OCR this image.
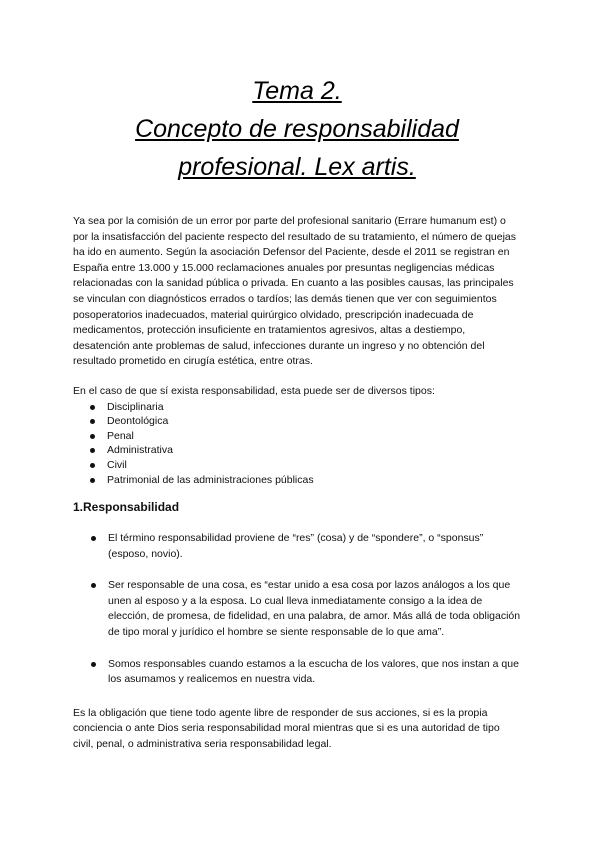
Tema 2.
Concepto de responsabilidad
profesional. Lex artis.

Ya sea por la comisión de un error por parte del profesional sanitario (Errare humanum est) o por la insatisfacción del paciente respecto del resultado de su tratamiento, el número de quejas ha ido en aumento. Según la asociación Defensor del Paciente, desde el 2011 se registran en España entre 13.000 y 15.000 reclamaciones anuales por presuntas negligencias médicas relacionadas con la sanidad pública o privada. En cuanto a las posibles causas, las principales se vinculan con diagnósticos errados o tardíos; las demás tienen que ver con seguimientos posoperatorios inadecuados, material quirúrgico olvidado, prescripción inadecuada de medicamentos, protección insuficiente en tratamientos agresivos, altas a destiempo, desatención ante problemas de salud, infecciones durante un ingreso y no obtención del resultado prometido en cirugía estética, entre otras.

En el caso de que sí exista responsabilidad, esta puede ser de diversos tipos:

Disciplinaria
Deontológica
Penal
Administrativa
Civil
Patrimonial de las administraciones públicas
1.Responsabilidad
El término responsabilidad proviene de “res” (cosa) y de “spondere”, o “sponsus” (esposo, novio).
Ser responsable de una cosa, es “estar unido a esa cosa por lazos análogos a los que unen al esposo y a la esposa. Lo cual lleva inmediatamente consigo a la idea de elección, de promesa, de fidelidad, en una palabra, de amor. Más allá de toda obligación de tipo moral y jurídico el hombre se siente responsable de lo que ama”.
Somos responsables cuando estamos a la escucha de los valores, que nos instan a que los asumamos y realicemos en nuestra vida.

Es la obligación que tiene todo agente libre de responder de sus acciones, si es la propia conciencia o ante Dios seria responsabilidad moral mientras que si es una autoridad de tipo civil, penal, o administrativa seria responsabilidad legal.
